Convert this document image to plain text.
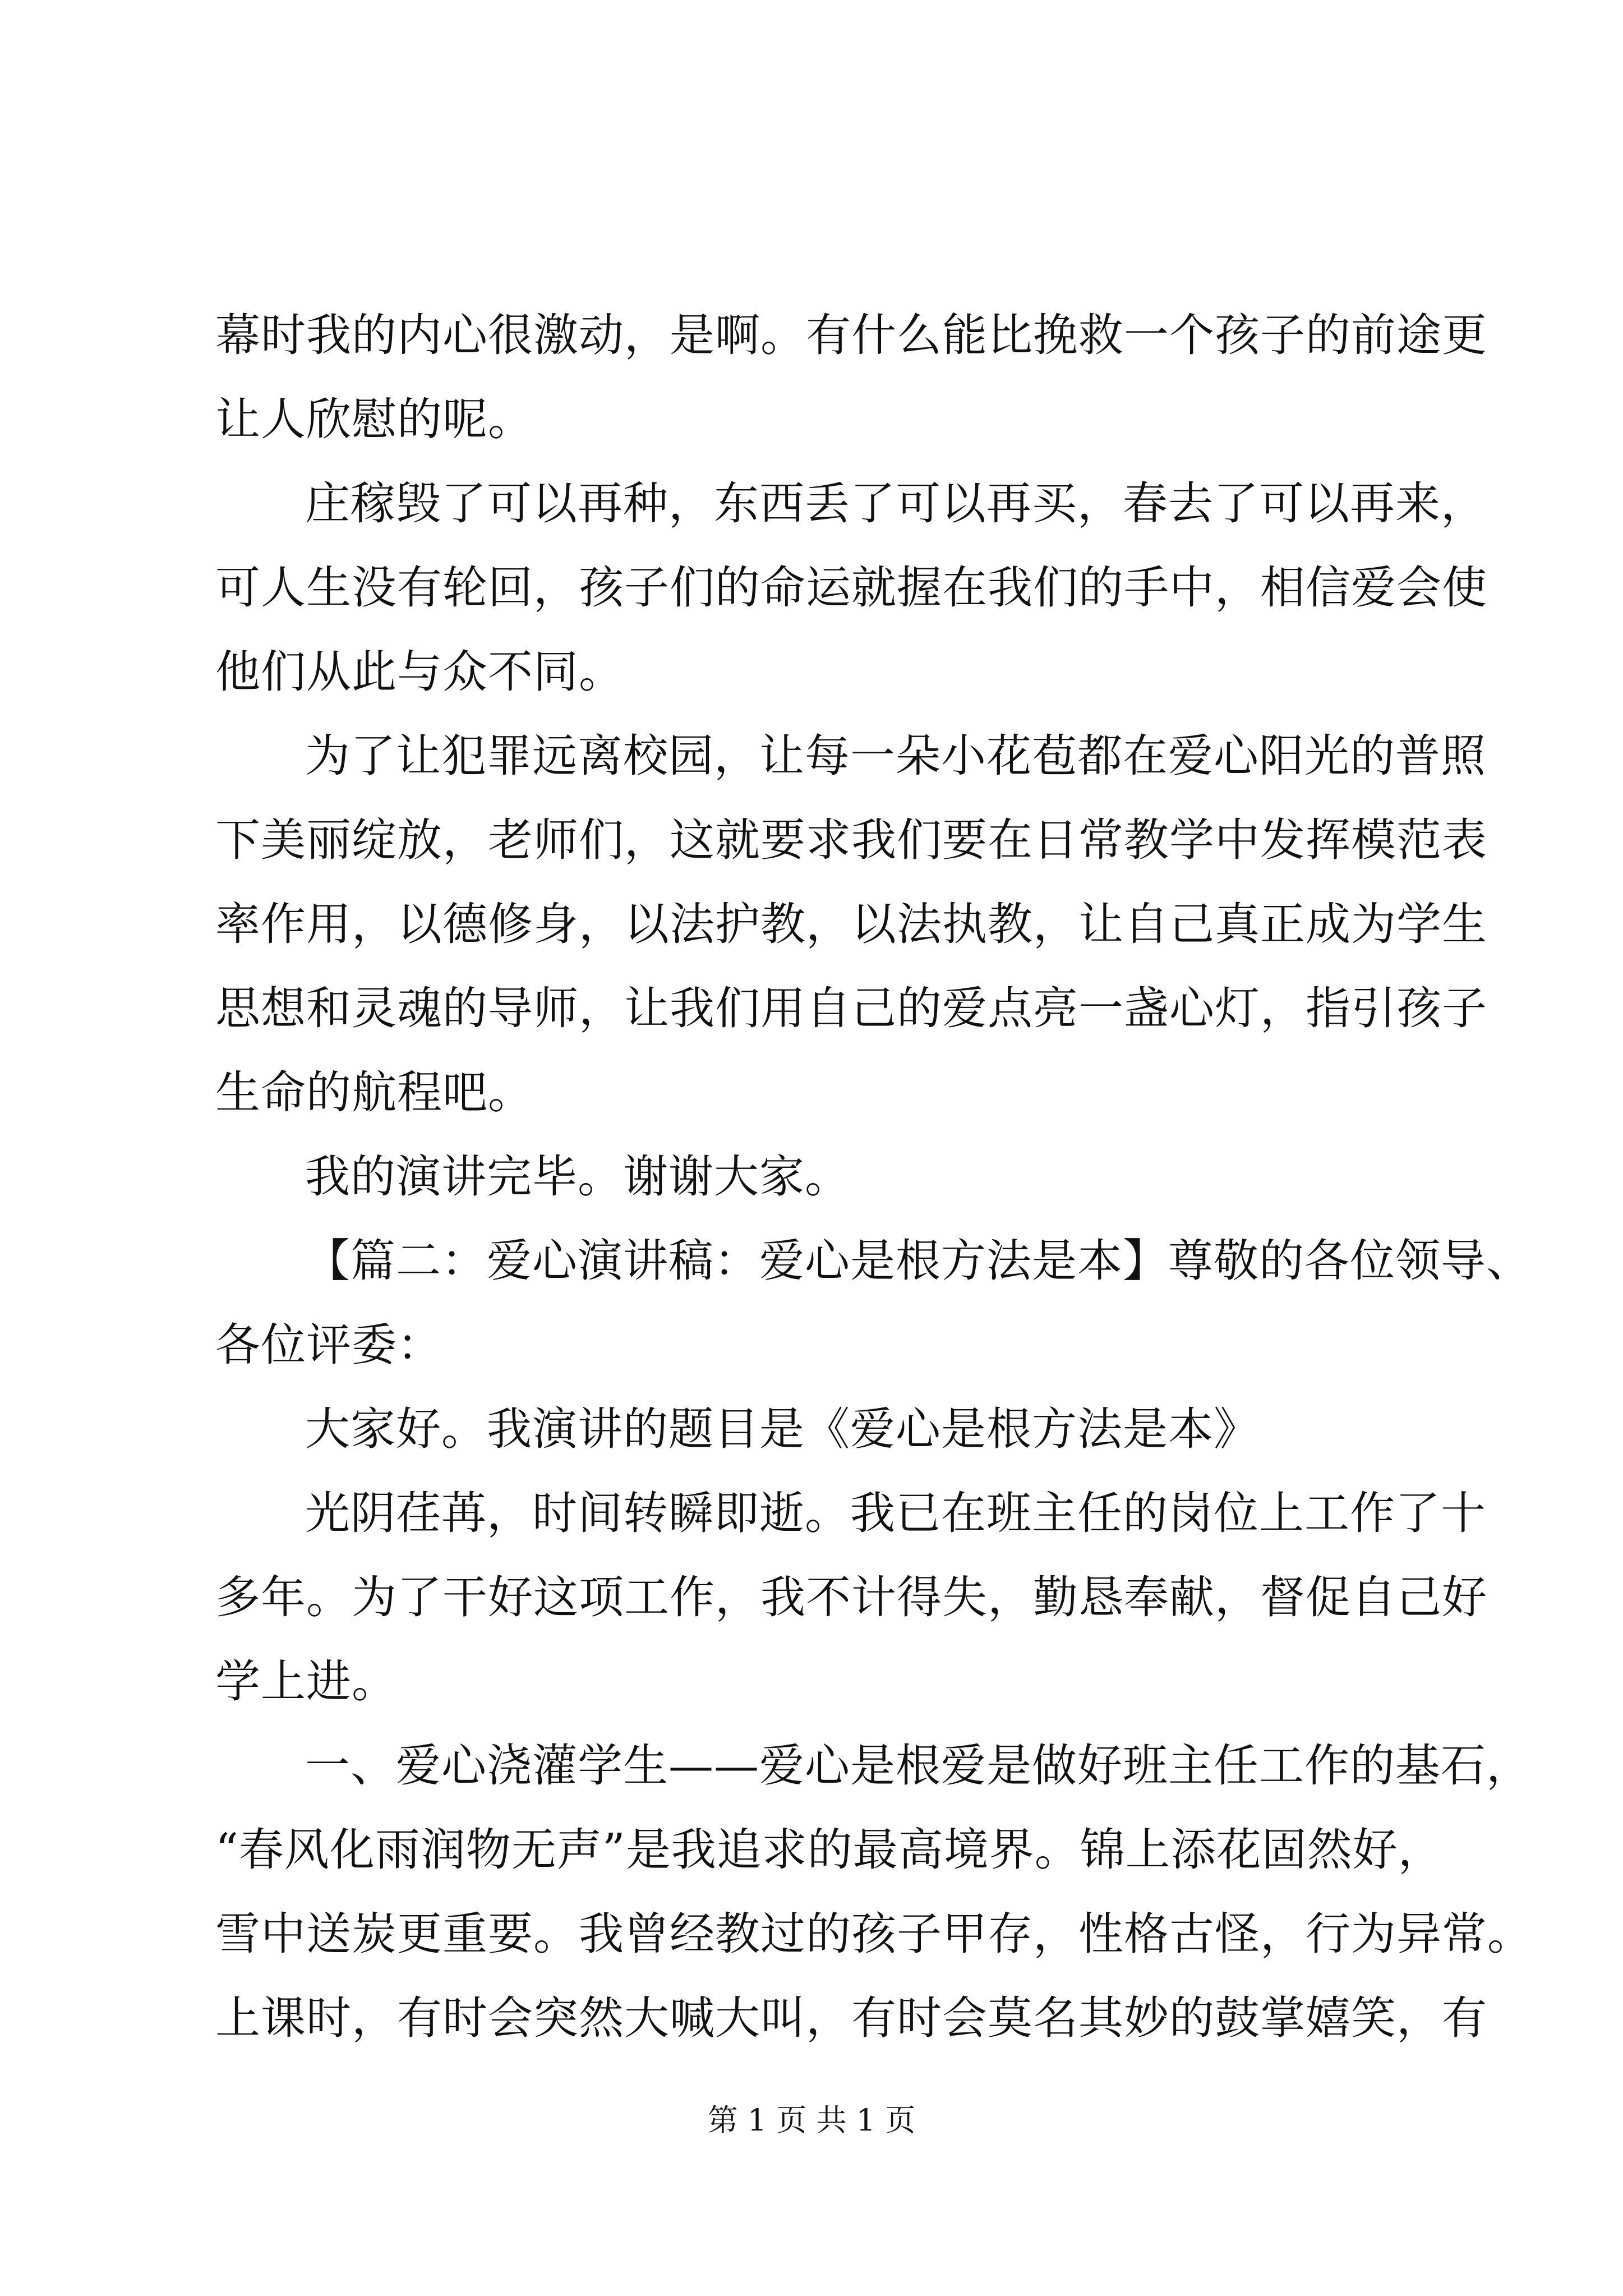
幕时我的内心很激动，是啊。有什么能比挽救一个孩子的前途更
让人欣慰的呢。
庄稼毁了可以再种，东西丢了可以再买，春去了可以再来，
可人生没有轮回，孩子们的命运就握在我们的手中，相信爱会使
他们从此与众不同。
为了让犯罪远离校园，让每一朵小花苞都在爱心阳光的普照
下美丽绽放，老师们，这就要求我们要在日常教学中发挥模范表
率作用，以德修身，以法护教，以法执教，让自己真正成为学生
思想和灵魂的导师，让我们用自己的爱点亮一盏心灯，指引孩子
生命的航程吧。
我的演讲完毕。谢谢大家。
【篇二：爱心演讲稿：爱心是根方法是本】尊敬的各位领导、
各位评委：
大家好。我演讲的题目是《爱心是根方法是本》
光阴荏苒，时间转瞬即逝。我已在班主任的岗位上工作了十
多年。为了干好这项工作，我不计得失，勤恳奉献，督促自己好
学上进。
一、爱心浇灌学生——爱心是根爱是做好班主任工作的基石，
“春风化雨润物无声”是我追求的最高境界。锦上添花固然好，
雪中送炭更重要。我曾经教过的孩子甲存，性格古怪，行为异常。
上课时，有时会突然大喊大叫，有时会莫名其妙的鼓掌嬉笑，有
第 1 页 共 1 页
